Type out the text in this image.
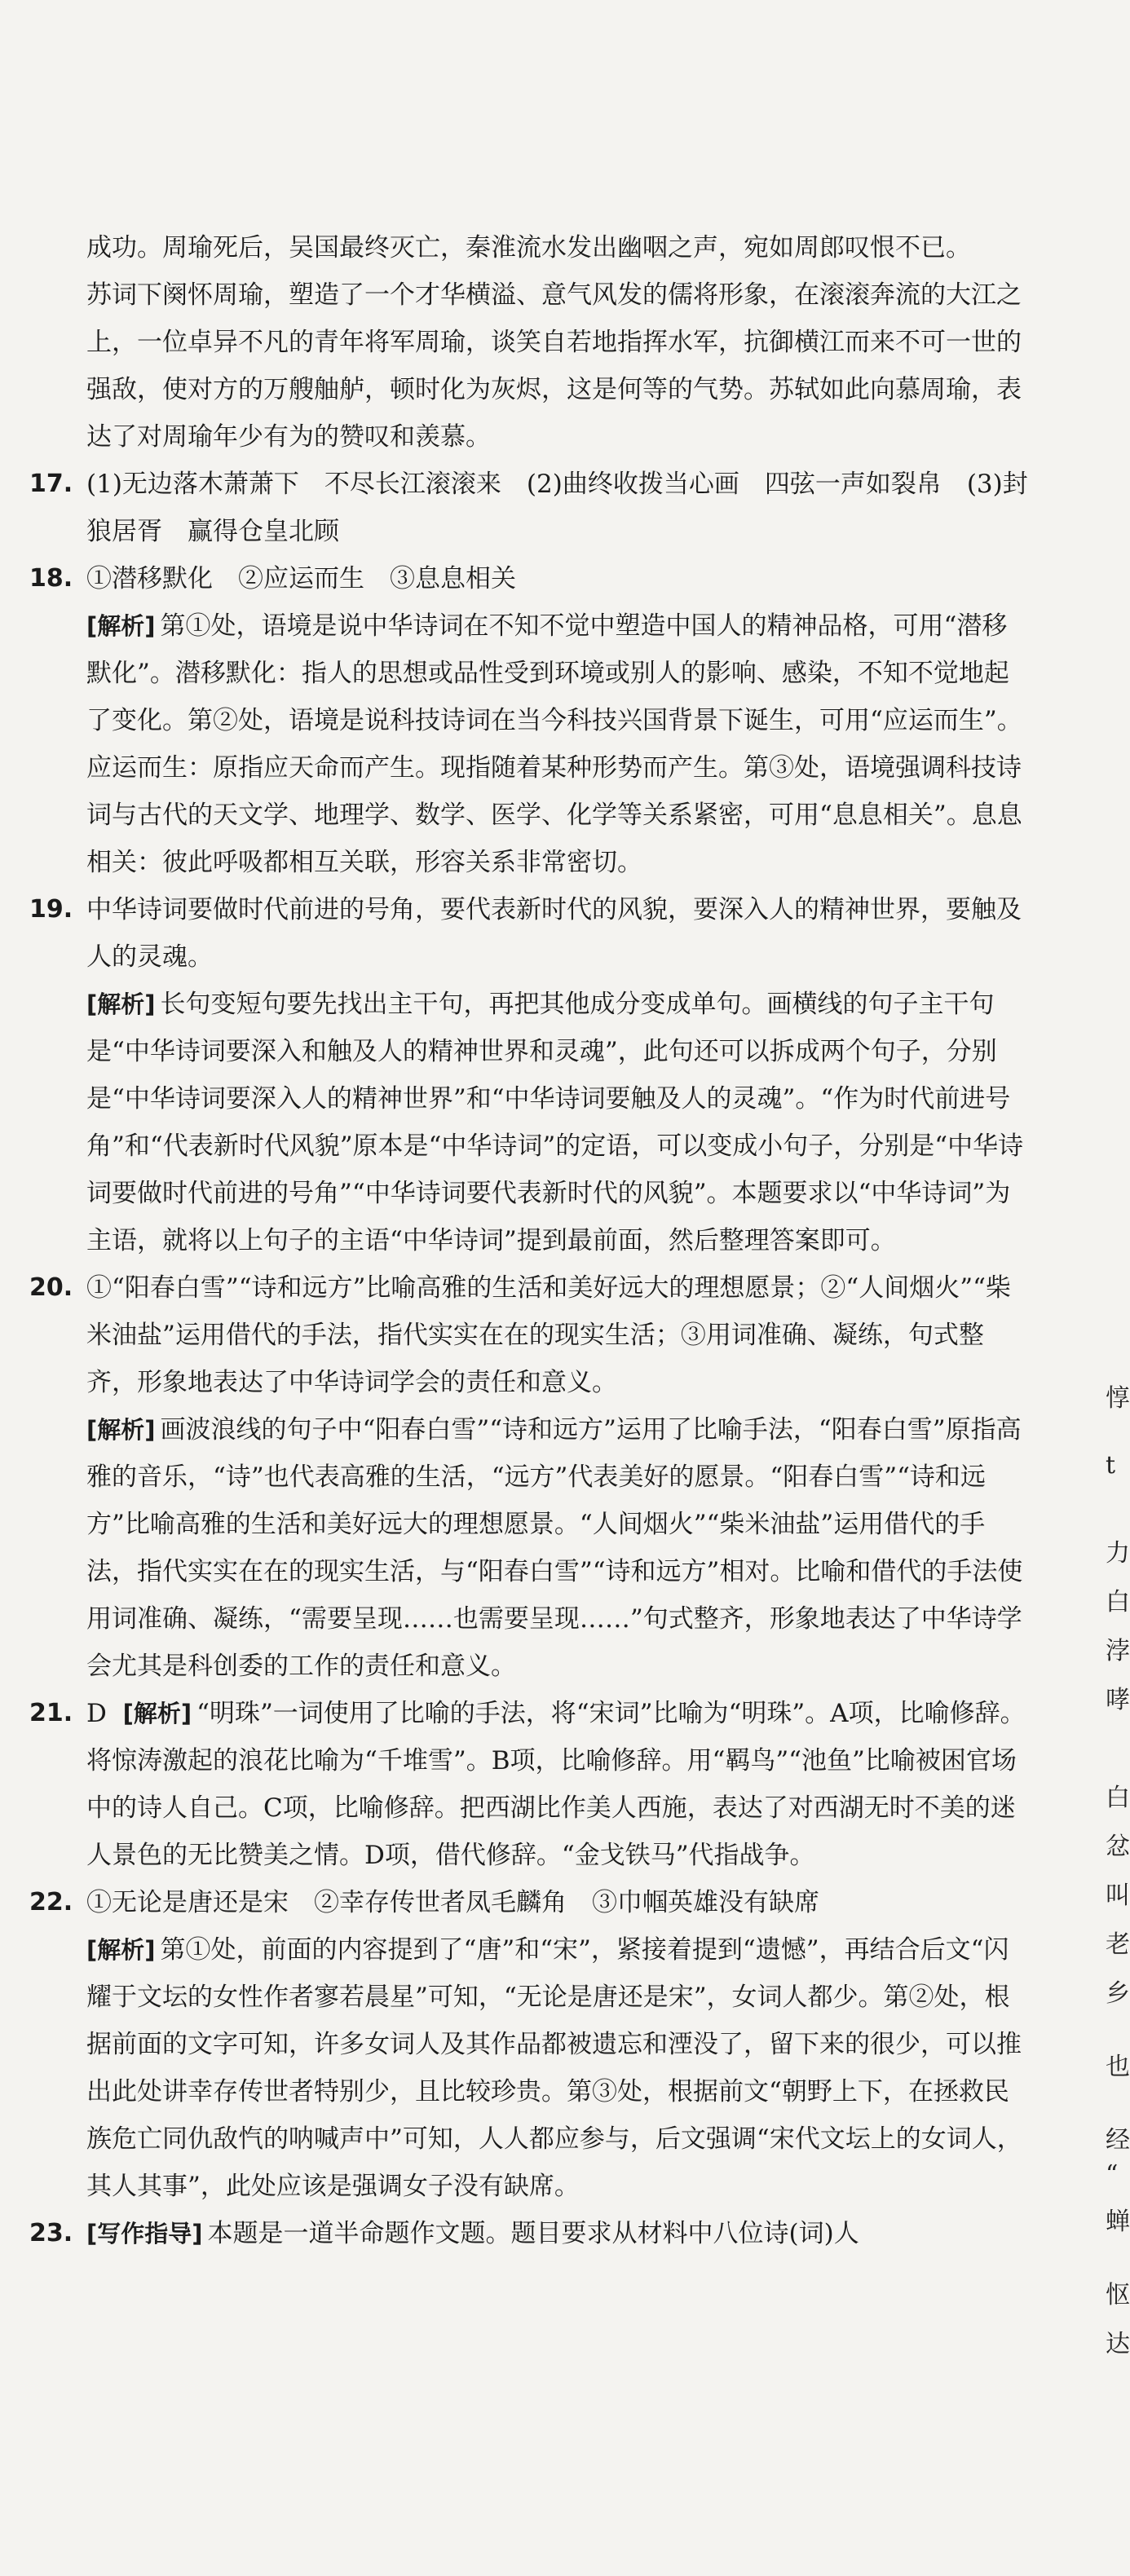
成功。周瑜死后，吴国最终灭亡，秦淮流水发出幽咽之声，宛如周郎叹恨不已。

苏词下阕怀周瑜，塑造了一个才华横溢、意气风发的儒将形象，在滚滚奔流的大江之上，一位卓异不凡的青年将军周瑜，谈笑自若地指挥水军，抗御横江而来不可一世的强敌，使对方的万艘舳舻，顿时化为灰烬，这是何等的气势。苏轼如此向慕周瑜，表达了对周瑜年少有为的赞叹和羡慕。

17. (1)无边落木萧萧下　不尽长江滚滚来　(2)曲终收拨当心画　四弦一声如裂帛　(3)封狼居胥　赢得仓皇北顾

18. ①潜移默化　②应运而生　③息息相关

[解析] 第①处，语境是说中华诗词在不知不觉中塑造中国人的精神品格，可用“潜移默化”。潜移默化：指人的思想或品性受到环境或别人的影响、感染，不知不觉地起了变化。第②处，语境是说科技诗词在当今科技兴国背景下诞生，可用“应运而生”。应运而生：原指应天命而产生。现指随着某种形势而产生。第③处，语境强调科技诗词与古代的天文学、地理学、数学、医学、化学等关系紧密，可用“息息相关”。息息相关：彼此呼吸都相互关联，形容关系非常密切。

19. 中华诗词要做时代前进的号角，要代表新时代的风貌，要深入人的精神世界，要触及人的灵魂。

[解析] 长句变短句要先找出主干句，再把其他成分变成单句。画横线的句子主干句是“中华诗词要深入和触及人的精神世界和灵魂”，此句还可以拆成两个句子，分别是“中华诗词要深入人的精神世界”和“中华诗词要触及人的灵魂”。“作为时代前进号角”和“代表新时代风貌”原本是“中华诗词”的定语，可以变成小句子，分别是“中华诗词要做时代前进的号角”“中华诗词要代表新时代的风貌”。本题要求以“中华诗词”为主语，就将以上句子的主语“中华诗词”提到最前面，然后整理答案即可。

20. ①“阳春白雪”“诗和远方”比喻高雅的生活和美好远大的理想愿景；②“人间烟火”“柴米油盐”运用借代的手法，指代实实在在的现实生活；③用词准确、凝练，句式整齐，形象地表达了中华诗词学会的责任和意义。

[解析] 画波浪线的句子中“阳春白雪”“诗和远方”运用了比喻手法，“阳春白雪”原指高雅的音乐，“诗”也代表高雅的生活，“远方”代表美好的愿景。“阳春白雪”“诗和远方”比喻高雅的生活和美好远大的理想愿景。“人间烟火”“柴米油盐”运用借代的手法，指代实实在在的现实生活，与“阳春白雪”“诗和远方”相对。比喻和借代的手法使用词准确、凝练，“需要呈现……也需要呈现……”句式整齐，形象地表达了中华诗学会尤其是科创委的工作的责任和意义。

21. D [解析] “明珠”一词使用了比喻的手法，将“宋词”比喻为“明珠”。A项，比喻修辞。将惊涛激起的浪花比喻为“千堆雪”。B项，比喻修辞。用“羁鸟”“池鱼”比喻被困官场中的诗人自己。C项，比喻修辞。把西湖比作美人西施，表达了对西湖无时不美的迷人景色的无比赞美之情。D项，借代修辞。“金戈铁马”代指战争。

22. ①无论是唐还是宋　②幸存传世者凤毛麟角　③巾帼英雄没有缺席

[解析] 第①处，前面的内容提到了“唐”和“宋”，紧接着提到“遗憾”，再结合后文“闪耀于文坛的女性作者寥若晨星”可知，“无论是唐还是宋”，女词人都少。第②处，根据前面的文字可知，许多女词人及其作品都被遗忘和湮没了，留下来的很少，可以推出此处讲幸存传世者特别少，且比较珍贵。第③处，根据前文“朝野上下，在拯救民族危亡同仇敌忾的呐喊声中”可知，人人都应参与，后文强调“宋代文坛上的女词人，其人其事”，此处应该是强调女子没有缺席。

23. [写作指导] 本题是一道半命题作文题。题目要求从材料中八位诗(词)人

惇
t
力
白
浡
哮
白
忿
叫
老
乡
也
经
“
蝉
怄
达
